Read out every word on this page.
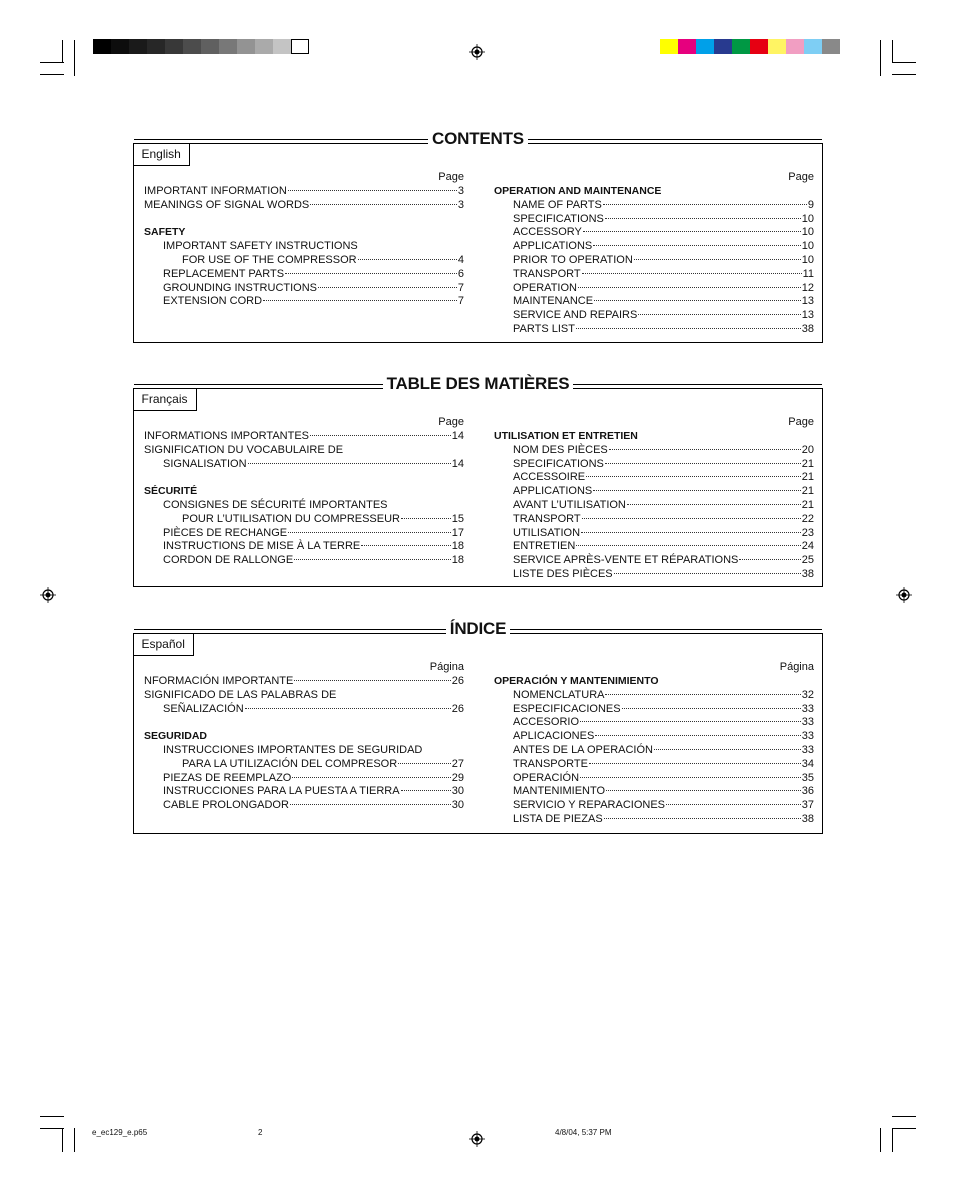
CONTENTS
English
Page
IMPORTANT INFORMATION	3
MEANINGS OF SIGNAL WORDS	3
SAFETY
IMPORTANT SAFETY INSTRUCTIONS
FOR USE OF THE COMPRESSOR	4
REPLACEMENT PARTS	6
GROUNDING INSTRUCTIONS	7
EXTENSION CORD	7
Page
OPERATION AND MAINTENANCE
NAME OF PARTS	9
SPECIFICATIONS	10
ACCESSORY	10
APPLICATIONS	10
PRIOR TO OPERATION	10
TRANSPORT	11
OPERATION	12
MAINTENANCE	13
SERVICE AND REPAIRS	13
PARTS LIST	38
TABLE DES MATIÈRES
Français
Page
INFORMATIONS IMPORTANTES	14
SIGNIFICATION DU VOCABULAIRE DE
SIGNALISATION	14
SÉCURITÉ
CONSIGNES DE SÉCURITÉ IMPORTANTES
POUR L’UTILISATION DU COMPRESSEUR	15
PIÈCES DE RECHANGE	17
INSTRUCTIONS DE MISE À LA TERRE	18
CORDON DE RALLONGE	18
Page
UTILISATION ET ENTRETIEN
NOM DES PIÈCES	20
SPECIFICATIONS	21
ACCESSOIRE	21
APPLICATIONS	21
AVANT L’UTILISATION	21
TRANSPORT	22
UTILISATION	23
ENTRETIEN	24
SERVICE APRÈS-VENTE ET RÉPARATIONS	25
LISTE DES PIÈCES	38
ÍNDICE
Español
Página
NFORMACIÓN IMPORTANTE	26
SIGNIFICADO DE LAS PALABRAS DE
SEÑALIZACIÓN	26
SEGURIDAD
INSTRUCCIONES IMPORTANTES DE SEGURIDAD
PARA LA UTILIZACIÓN DEL COMPRESOR	27
PIEZAS DE REEMPLAZO	29
INSTRUCCIONES PARA LA PUESTA A TIERRA	30
CABLE PROLONGADOR	30
Página
OPERACIÓN Y MANTENIMIENTO
NOMENCLATURA	32
ESPECIFICACIONES	33
ACCESORIO	33
APLICACIONES	33
ANTES DE LA OPERACIÓN	33
TRANSPORTE	34
OPERACIÓN	35
MANTENIMIENTO	36
SERVICIO Y REPARACIONES	37
LISTA DE PIEZAS	38
e_ec129_e.p65	2	4/8/04, 5:37 PM
